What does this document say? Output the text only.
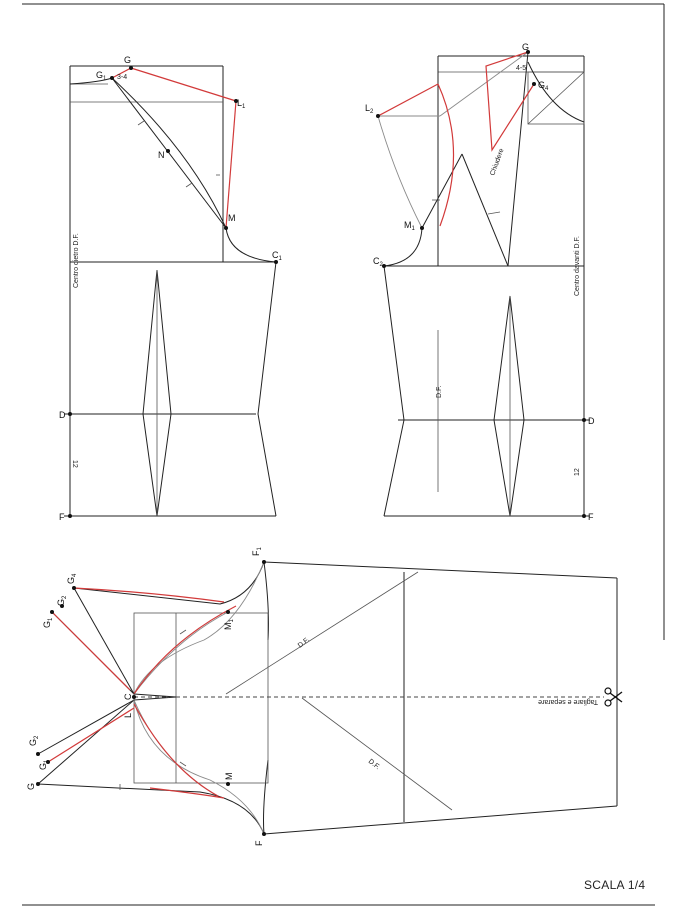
G
$G_1$ 3-4
$L_1$
N
M
$C_1$
D
F
Centro dietro D.F.
12
G
4-5
$G_4$
$L_2$
Chiudere
$M_1$
$C_2$	Centro davanti D.F.
D.F.
D
F
12
$F_1$
$G_4$
$G_2$
$G_1$
$M_1$
D.F.
C
L
Tagliare e separare
D.F.
$G_2$
$G_1$
G
M
F
SCALA 1/4
